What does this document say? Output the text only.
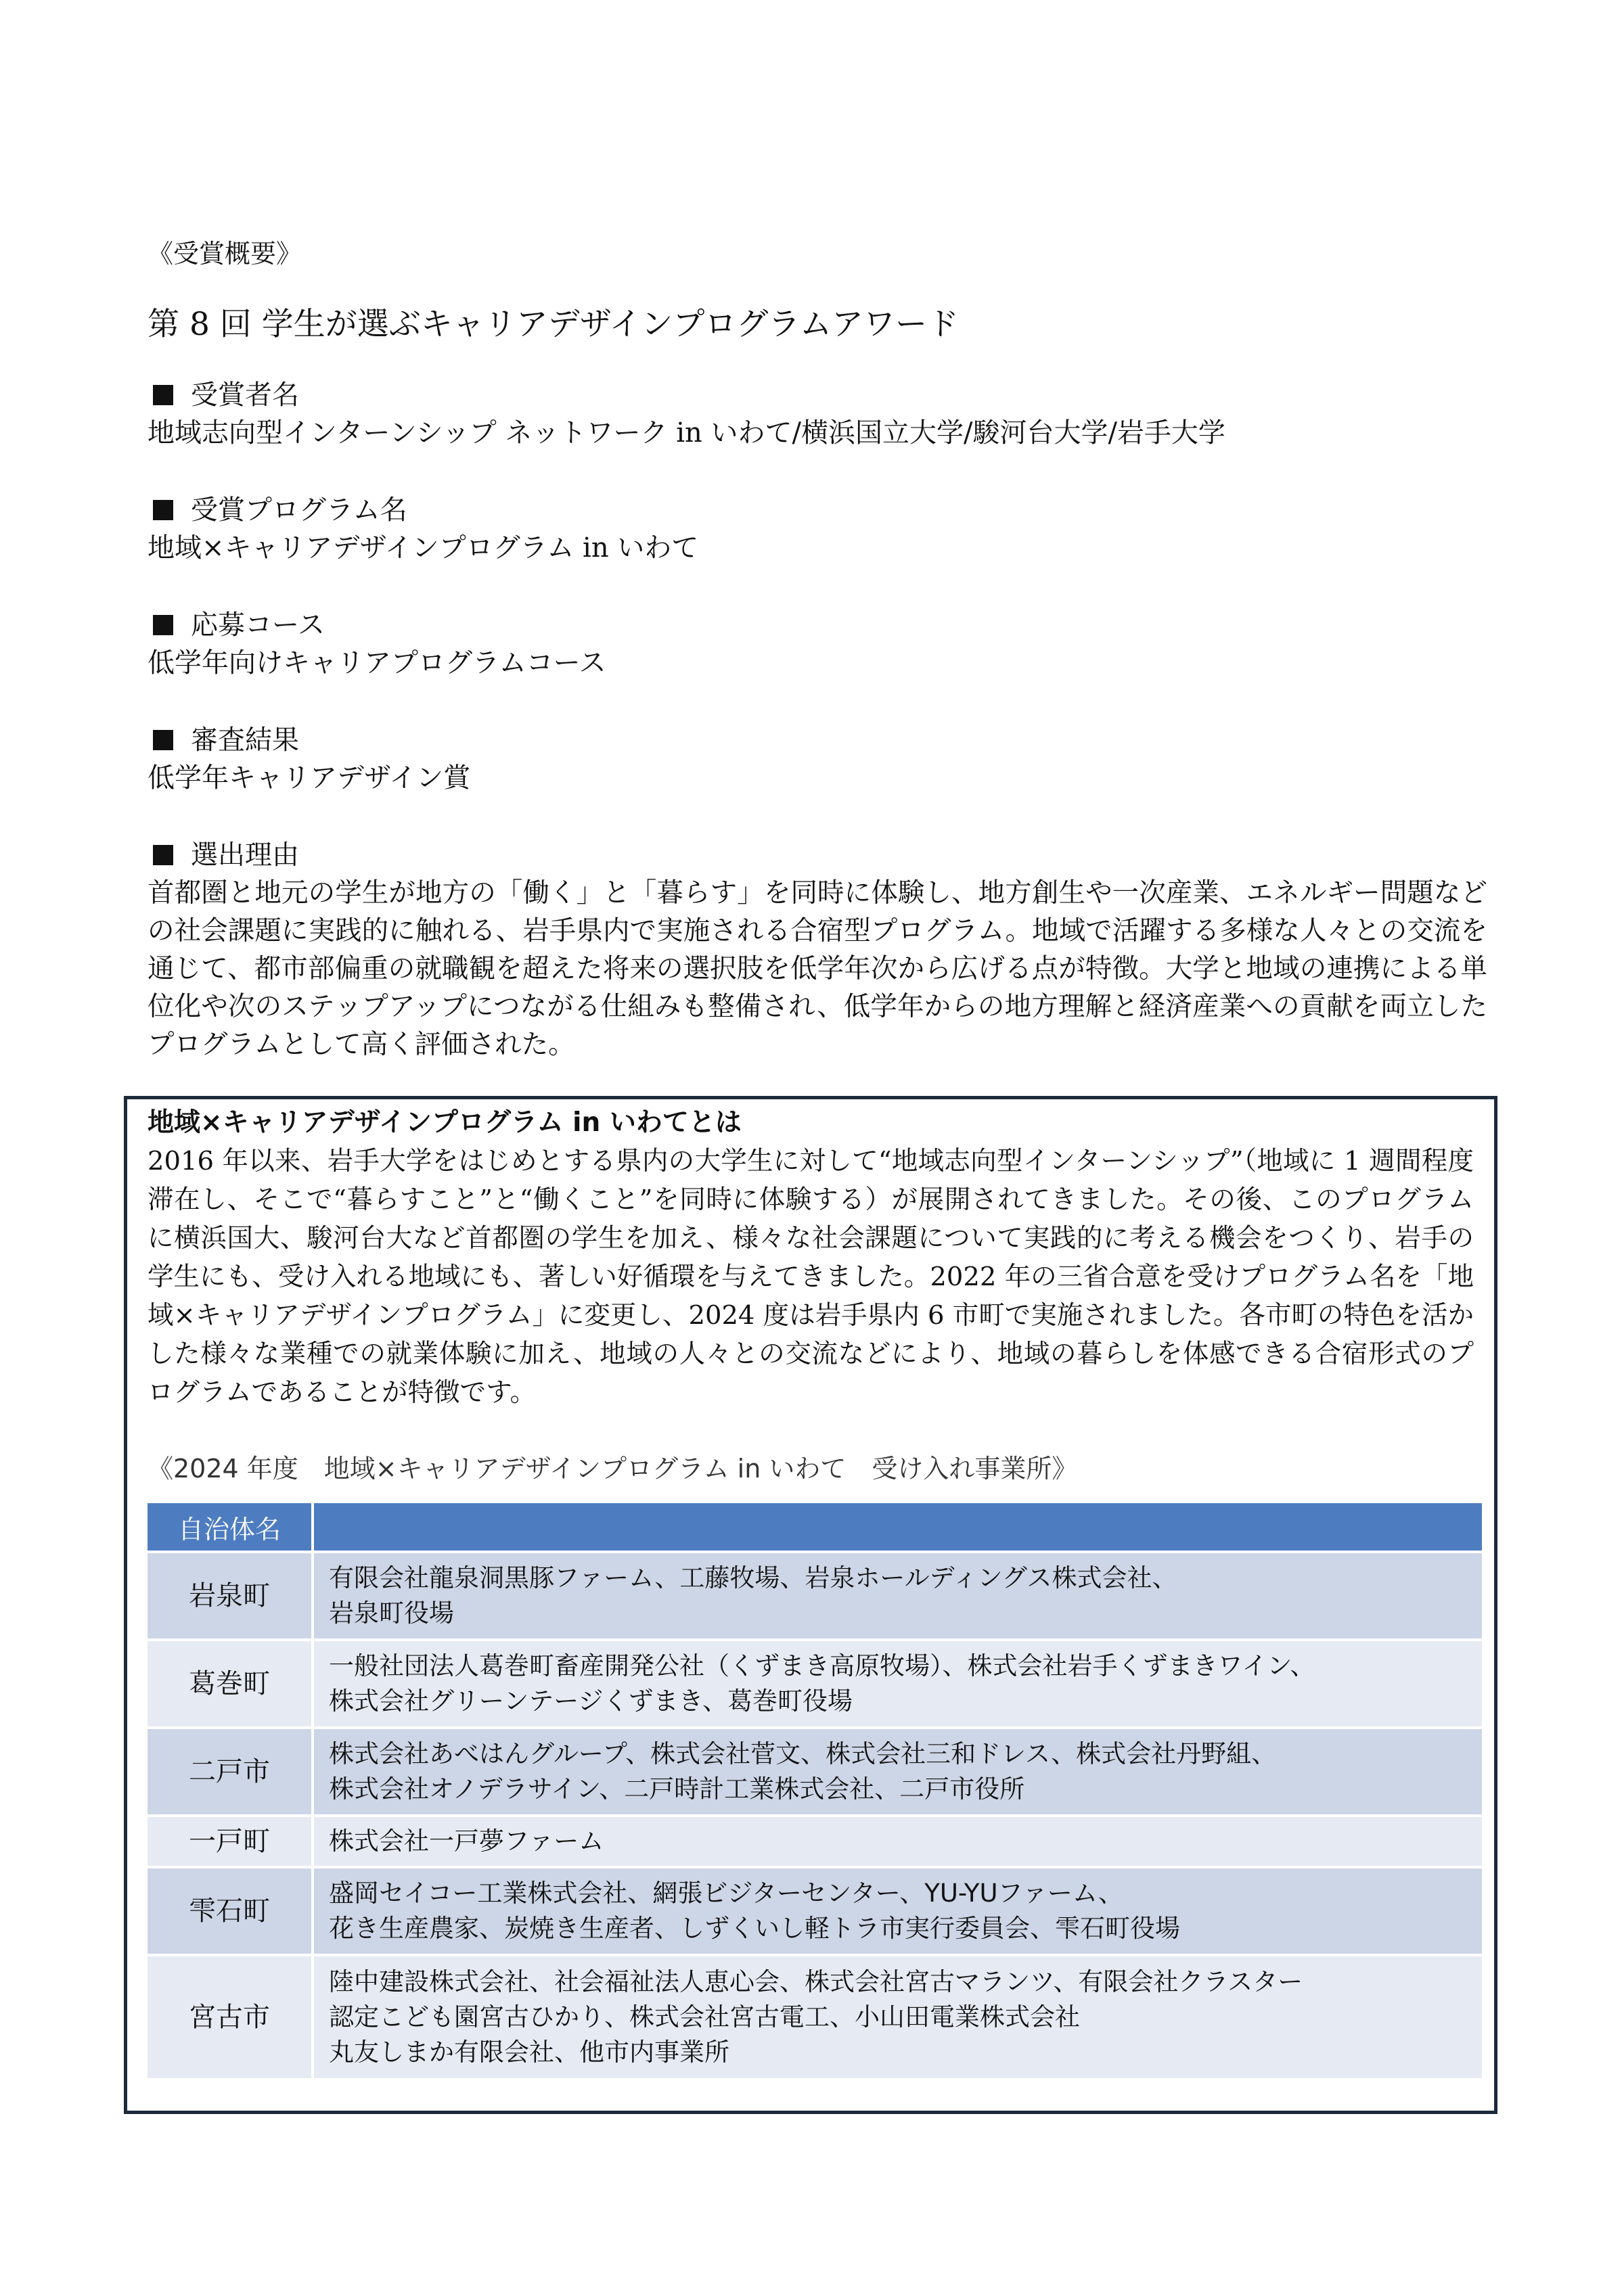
《受賞概要》
第 8 回 学生が選ぶキャリアデザインプログラムアワード
受賞者名
地域志向型インターンシップ ネットワーク in いわて/横浜国立大学/駿河台大学/岩手大学
受賞プログラム名
地域×キャリアデザインプログラム in いわて
応募コース
低学年向けキャリアプログラムコース
審査結果
低学年キャリアデザイン賞
選出理由
首都圏と地元の学生が地方の「働く」と「暮らす」を同時に体験し、地方創生や一次産業、エネルギー問題などの社会課題に実践的に触れる、岩手県内で実施される合宿型プログラム。地域で活躍する多様な人々との交流を通じて、都市部偏重の就職観を超えた将来の選択肢を低学年次から広げる点が特徴。大学と地域の連携による単位化や次のステップアップにつながる仕組みも整備され、低学年からの地方理解と経済産業への貢献を両立したプログラムとして高く評価された。
地域×キャリアデザインプログラム in いわてとは
2016 年以来、岩手大学をはじめとする県内の大学生に対して“地域志向型インターンシップ”（地域に 1 週間程度滞在し、そこで“暮らすこと”と“働くこと”を同時に体験する）が展開されてきました。その後、このプログラムに横浜国大、駿河台大など首都圏の学生を加え、様々な社会課題について実践的に考える機会をつくり、岩手の学生にも、受け入れる地域にも、著しい好循環を与えてきました。2022 年の三省合意を受けプログラム名を「地域×キャリアデザインプログラム」に変更し、2024 度は岩手県内 6 市町で実施されました。各市町の特色を活かした様々な業種での就業体験に加え、地域の人々との交流などにより、地域の暮らしを体感できる合宿形式のプログラムであることが特徴です。
《2024 年度　地域×キャリアデザインプログラム in いわて　受け入れ事業所》
自治体名	
岩泉町	有限会社龍泉洞黒豚ファーム、工藤牧場、岩泉ホールディングス株式会社、
岩泉町役場

葛巻町	一般社団法人葛巻町畜産開発公社（くずまき高原牧場）、株式会社岩手くずまきワイン、
株式会社グリーンテージくずまき、葛巻町役場

二戸市	株式会社あべはんグループ、株式会社菅文、株式会社三和ドレス、株式会社丹野組、
株式会社オノデラサイン、二戸時計工業株式会社、二戸市役所

一戸町	株式会社一戸夢ファーム

雫石町	盛岡セイコー工業株式会社、網張ビジターセンター、YU-YUファーム、
花き生産農家、炭焼き生産者、しずくいし軽トラ市実行委員会、雫石町役場

宮古市	陸中建設株式会社、社会福祉法人恵心会、株式会社宮古マランツ、有限会社クラスター
認定こども園宮古ひかり、株式会社宮古電工、小山田電業株式会社
丸友しまか有限会社、他市内事業所
